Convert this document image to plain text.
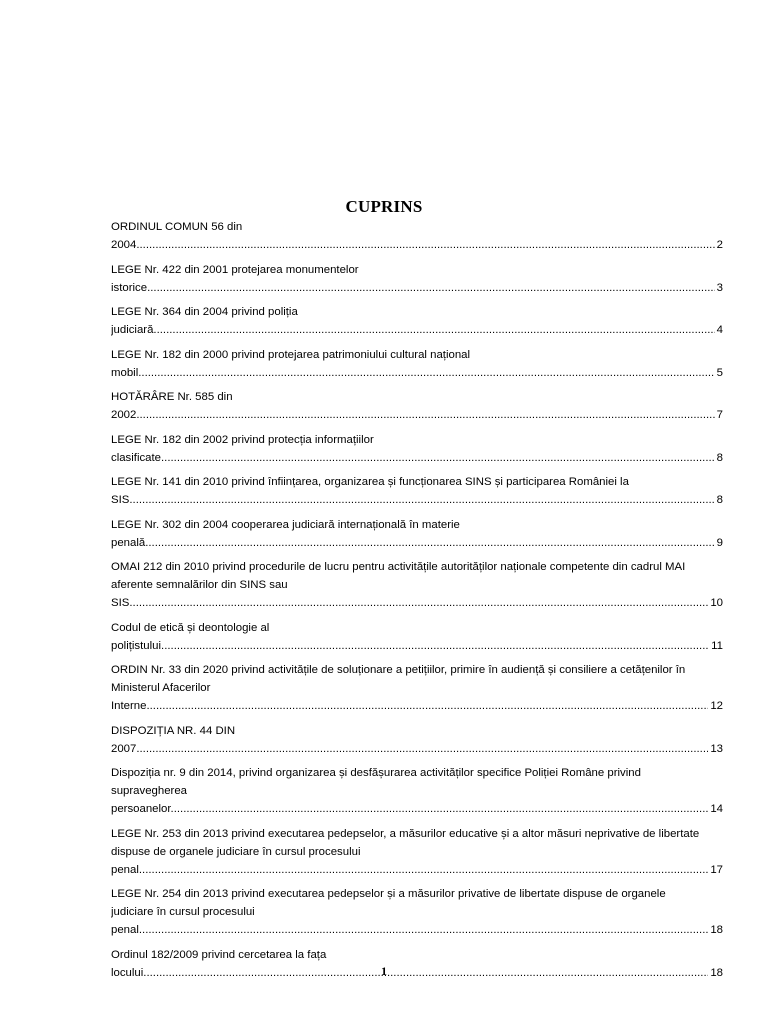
CUPRINS
ORDINUL COMUN 56 din 2004 .....	2
LEGE Nr. 422 din 2001 protejarea monumentelor istorice .....	3
LEGE Nr. 364 din 2004 privind poliția judiciară .....	4
LEGE Nr. 182 din 2000 privind protejarea patrimoniului cultural național mobil .....	5
HOTĂRÂRE Nr. 585 din 2002 .....	7
LEGE Nr. 182 din 2002 privind protecția informațiilor clasificate .....	8
LEGE Nr. 141 din 2010 privind înființarea, organizarea și funcționarea SINS și participarea României la SIS .....	8
LEGE Nr. 302 din 2004 cooperarea judiciară internațională în materie penală .....	9
OMAI 212 din 2010 privind procedurile de lucru pentru activitățile autorităților naționale competente din cadrul MAI aferente semnalărilor din SINS sau SIS .....	10
Codul de etică și deontologie al polițistului .....	11
ORDIN Nr. 33 din 2020 privind activitățile de soluționare a petițiilor, primire în audiență și consiliere a cetățenilor în Ministerul Afacerilor Interne .....	12
DISPOZIȚIA NR. 44 DIN 2007 .....	13
Dispoziția nr. 9 din 2014, privind organizarea și desfășurarea activităților specifice Poliției Române privind supravegherea persoanelor .....	14
LEGE Nr. 253 din 2013 privind executarea pedepselor, a măsurilor educative și a altor măsuri neprivative de libertate dispuse de organele judiciare în cursul procesului penal .....	17
LEGE Nr. 254 din 2013 privind executarea pedepselor și a măsurilor privative de libertate dispuse de organele judiciare în cursul procesului penal .....	18
Ordinul 182/2009 privind cercetarea la fața locului .....	18
1
